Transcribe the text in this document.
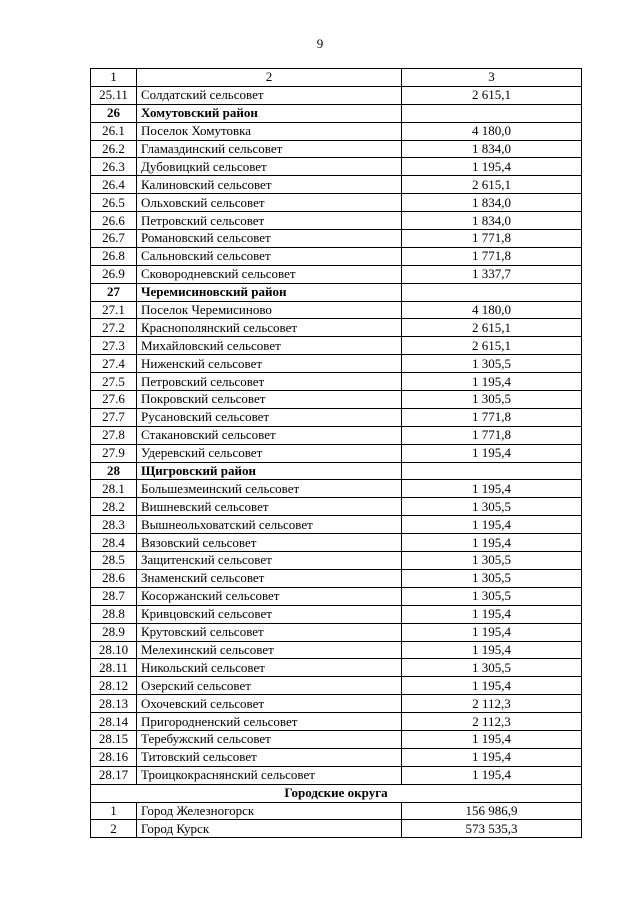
9
1	2	3
25.11	Солдатский сельсовет	2 615,1
26	Хомутовский район	
26.1	Поселок Хомутовка	4 180,0
26.2	Гламаздинский сельсовет	1 834,0
26.3	Дубовицкий сельсовет	1 195,4
26.4	Калиновский сельсовет	2 615,1
26.5	Ольховский сельсовет	1 834,0
26.6	Петровский сельсовет	1 834,0
26.7	Романовский сельсовет	1 771,8
26.8	Сальновский сельсовет	1 771,8
26.9	Сковородневский сельсовет	1 337,7
27	Черемисиновский район	
27.1	Поселок Черемисиново	4 180,0
27.2	Краснополянский сельсовет	2 615,1
27.3	Михайловский сельсовет	2 615,1
27.4	Ниженский сельсовет	1 305,5
27.5	Петровский сельсовет	1 195,4
27.6	Покровский сельсовет	1 305,5
27.7	Русановский сельсовет	1 771,8
27.8	Стакановский сельсовет	1 771,8
27.9	Удеревский сельсовет	1 195,4
28	Щигровский район	
28.1	Большезмеинский сельсовет	1 195,4
28.2	Вишневский сельсовет	1 305,5
28.3	Вышнеольховатский сельсовет	1 195,4
28.4	Вязовский сельсовет	1 195,4
28.5	Защитенский сельсовет	1 305,5
28.6	Знаменский сельсовет	1 305,5
28.7	Косоржанский сельсовет	1 305,5
28.8	Кривцовский сельсовет	1 195,4
28.9	Крутовский сельсовет	1 195,4
28.10	Мелехинский сельсовет	1 195,4
28.11	Никольский сельсовет	1 305,5
28.12	Озерский сельсовет	1 195,4
28.13	Охочевский сельсовет	2 112,3
28.14	Пригородненский сельсовет	2 112,3
28.15	Теребужский сельсовет	1 195,4
28.16	Титовский сельсовет	1 195,4
28.17	Троицкокраснянский сельсовет	1 195,4
Городские округа		
1	Город Железногорск	156 986,9
2	Город Курск	573 535,3
